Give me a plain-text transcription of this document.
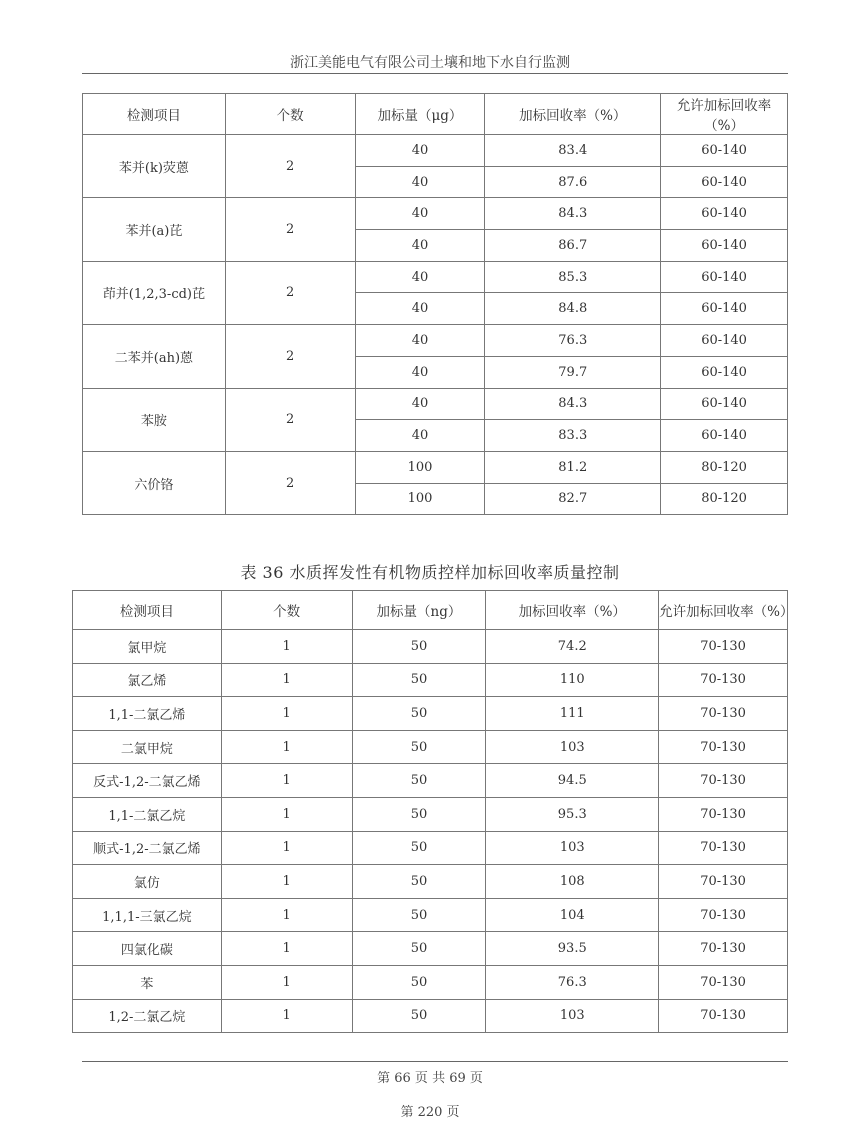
浙江美能电气有限公司土壤和地下水自行监测
检测项目	个数	加标量（μg）	加标回收率（%）	允许加标回收率（%）
苯并(k)荧蒽	2	40	83.4	60-140
		40	87.6	60-140
苯并(a)芘	2	40	84.3	60-140
		40	86.7	60-140
茚并(1,2,3-cd)芘	2	40	85.3	60-140
		40	84.8	60-140
二苯并(ah)蒽	2	40	76.3	60-140
		40	79.7	60-140
苯胺	2	40	84.3	60-140
		40	83.3	60-140
六价铬	2	100	81.2	80-120
		100	82.7	80-120
表 36 水质挥发性有机物质控样加标回收率质量控制
检测项目	个数	加标量（ng）	加标回收率（%）	允许加标回收率（%）
氯甲烷	1	50	74.2	70-130
氯乙烯	1	50	110	70-130
1,1-二氯乙烯	1	50	111	70-130
二氯甲烷	1	50	103	70-130
反式-1,2-二氯乙烯	1	50	94.5	70-130
1,1-二氯乙烷	1	50	95.3	70-130
顺式-1,2-二氯乙烯	1	50	103	70-130
氯仿	1	50	108	70-130
1,1,1-三氯乙烷	1	50	104	70-130
四氯化碳	1	50	93.5	70-130
苯	1	50	76.3	70-130
1,2-二氯乙烷	1	50	103	70-130
第 66 页 共 69 页
第 220 页
